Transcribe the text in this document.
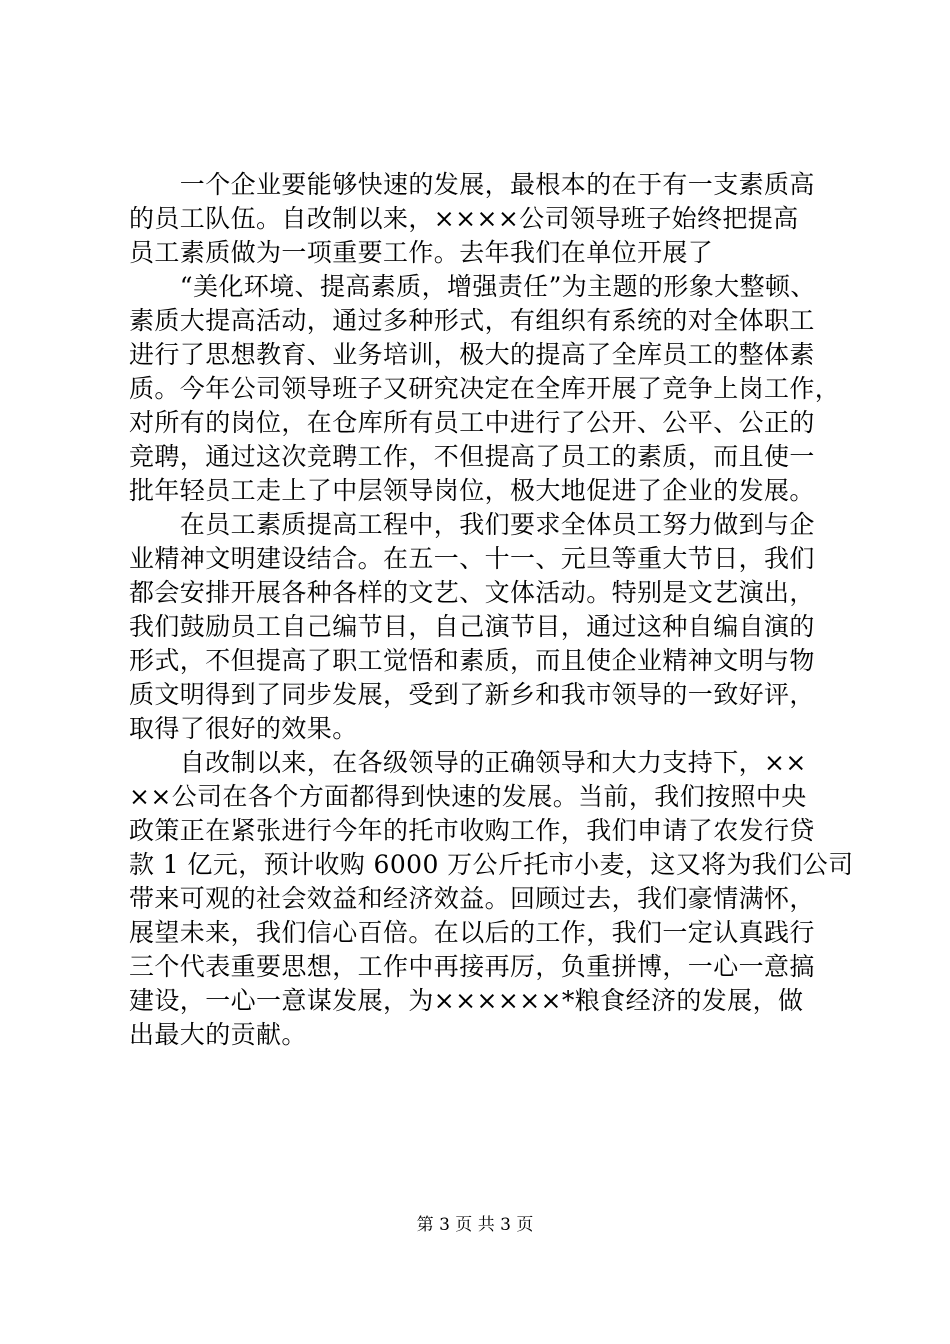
　　一个企业要能够快速的发展，最根本的在于有一支素质高
的员工队伍。自改制以来，××××公司领导班子始终把提高
员工素质做为一项重要工作。去年我们在单位开展了
　　“美化环境、提高素质，增强责任”为主题的形象大整顿、
素质大提高活动，通过多种形式，有组织有系统的对全体职工
进行了思想教育、业务培训，极大的提高了全库员工的整体素
质。今年公司领导班子又研究决定在全库开展了竞争上岗工作，
对所有的岗位，在仓库所有员工中进行了公开、公平、公正的
竞聘，通过这次竞聘工作，不但提高了员工的素质，而且使一
批年轻员工走上了中层领导岗位，极大地促进了企业的发展。
　　在员工素质提高工程中，我们要求全体员工努力做到与企
业精神文明建设结合。在五一、十一、元旦等重大节日，我们
都会安排开展各种各样的文艺、文体活动。特别是文艺演出，
我们鼓励员工自己编节目，自己演节目，通过这种自编自演的
形式，不但提高了职工觉悟和素质，而且使企业精神文明与物
质文明得到了同步发展，受到了新乡和我市领导的一致好评，
取得了很好的效果。
　　自改制以来，在各级领导的正确领导和大力支持下，××
××公司在各个方面都得到快速的发展。当前，我们按照中央
政策正在紧张进行今年的托市收购工作，我们申请了农发行贷
款 1 亿元，预计收购 6000 万公斤托市小麦，这又将为我们公司
带来可观的社会效益和经济效益。回顾过去，我们豪情满怀，
展望未来，我们信心百倍。在以后的工作，我们一定认真践行
三个代表重要思想，工作中再接再厉，负重拼博，一心一意搞
建设，一心一意谋发展，为××××××*粮食经济的发展，做
出最大的贡献。
第 3 页 共 3 页
